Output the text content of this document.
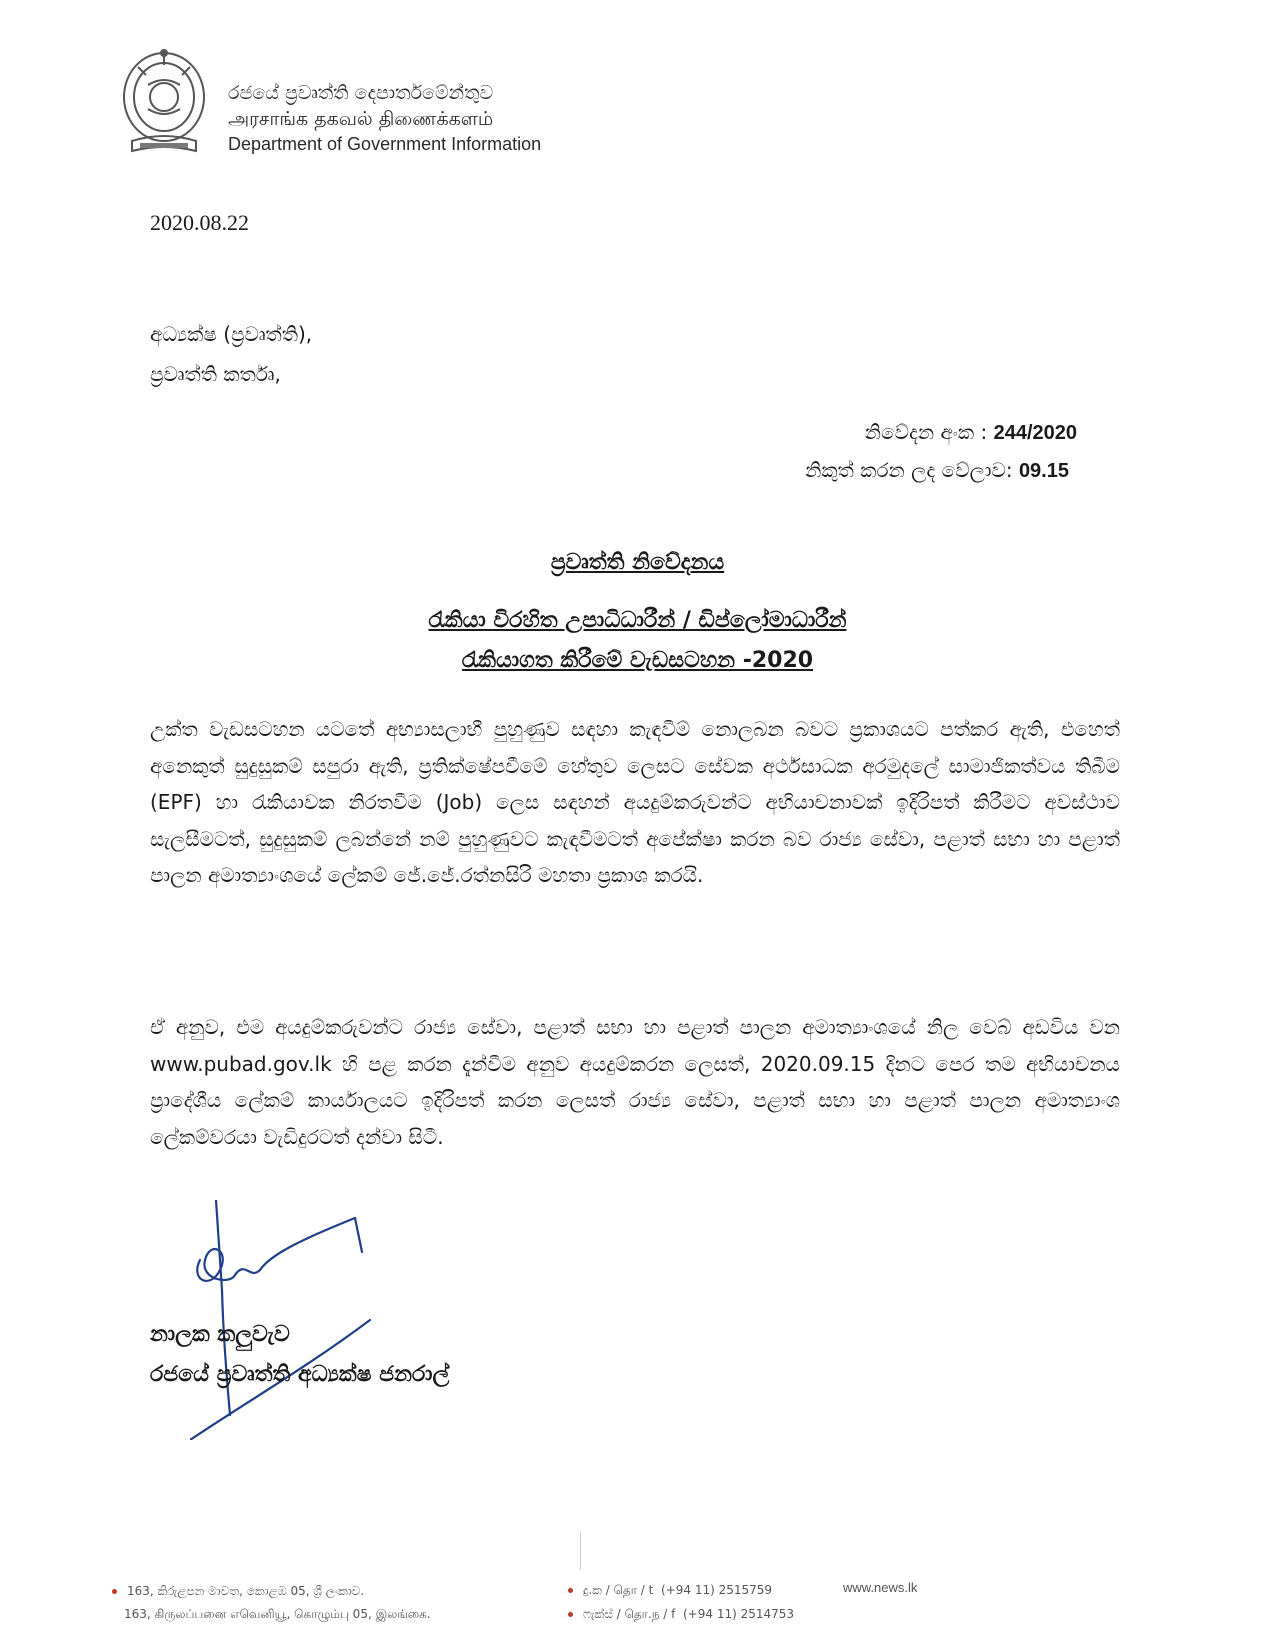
රජයේ ප්‍රවෘත්ති දෙපාර්තමේන්තුව
அரசாங்க தகவல் திணைக்களம்
Department of Government Information
2020.08.22
අධ්‍යක්ෂ (ප්‍රවෘත්ති),
ප්‍රවෘත්ති කර්තෘ,
නිවේදන අංක : 244/2020
නිකුත් කරන ලද වේලාව: 09.15
ප්‍රවෘත්ති නිවේදනය
රැකියා විරහිත උපාධිධාරීන් / ඩිප්ලෝමාධාරීන්
රැකියාගත කිරීමේ වැඩසටහන -2020
උක්ත වැඩසටහන යටතේ අභ්‍යාසලාභී පුහුණුව සඳහා කැඳවීම් නොලබන බවට ප්‍රකාශයට පත්කර ඇති, එහෙත් අනෙකුත් සුදුසුකම් සපුරා ඇති, ප්‍රතික්ෂේපවීමේ හේතුව ලෙසට සේවක අර්ථසාධක අරමුදලේ සාමාජිකත්වය තිබීම (EPF) හා රැකියාවක නිරතවීම (Job) ලෙස සඳහන් අයදුම්කරුවන්ට අභියාචනාවක් ඉදිරිපත් කිරීමට අවස්ථාව සැලසීමටත්, සුදුසුකම් ලබන්නේ නම් පුහුණුවට කැඳවීමටත් අපේක්ෂා කරන බව රාජ්‍ය සේවා, පළාත් සභා හා පළාත් පාලන අමාත්‍යාංශයේ ලේකම් ජේ.ජේ.රත්නසිරි මහතා ප්‍රකාශ කරයි.
ඒ අනුව, එම අයදුම්කරුවන්ට රාජ්‍ය සේවා, පළාත් සභා හා පළාත් පාලන අමාත්‍යාංශයේ නිල වෙබ් අඩවිය වන www.pubad.gov.lk හි පළ කරන දැන්වීම අනුව අයදුම්කරන ලෙසත්, 2020.09.15 දිනට පෙර තම අභියාචනය ප්‍රාදේශීය ලේකම් කාර්යාලයට ඉදිරිපත් කරන ලෙසත් රාජ්‍ය සේවා, පළාත් සභා හා පළාත් පාලන අමාත්‍යාංශ ලේකම්වරයා වැඩිදුරටත් දන්වා සිටී.
නාලක කලුවැව
රජයේ ප්‍රවෘත්ති අධ්‍යක්ෂ ජනරාල්
163, කිරුළපන මාවත, කොළඹ 05, ශ්‍රී ලංකාව.
163, கிருலப்பனை எவெனியூ, கொழும்பு 05, இலங்கை.
දු.ක / தொ / t (+94 11) 2515759
ෆැක්ස් / தொ.ந / f (+94 11) 2514753
www.news.lk
